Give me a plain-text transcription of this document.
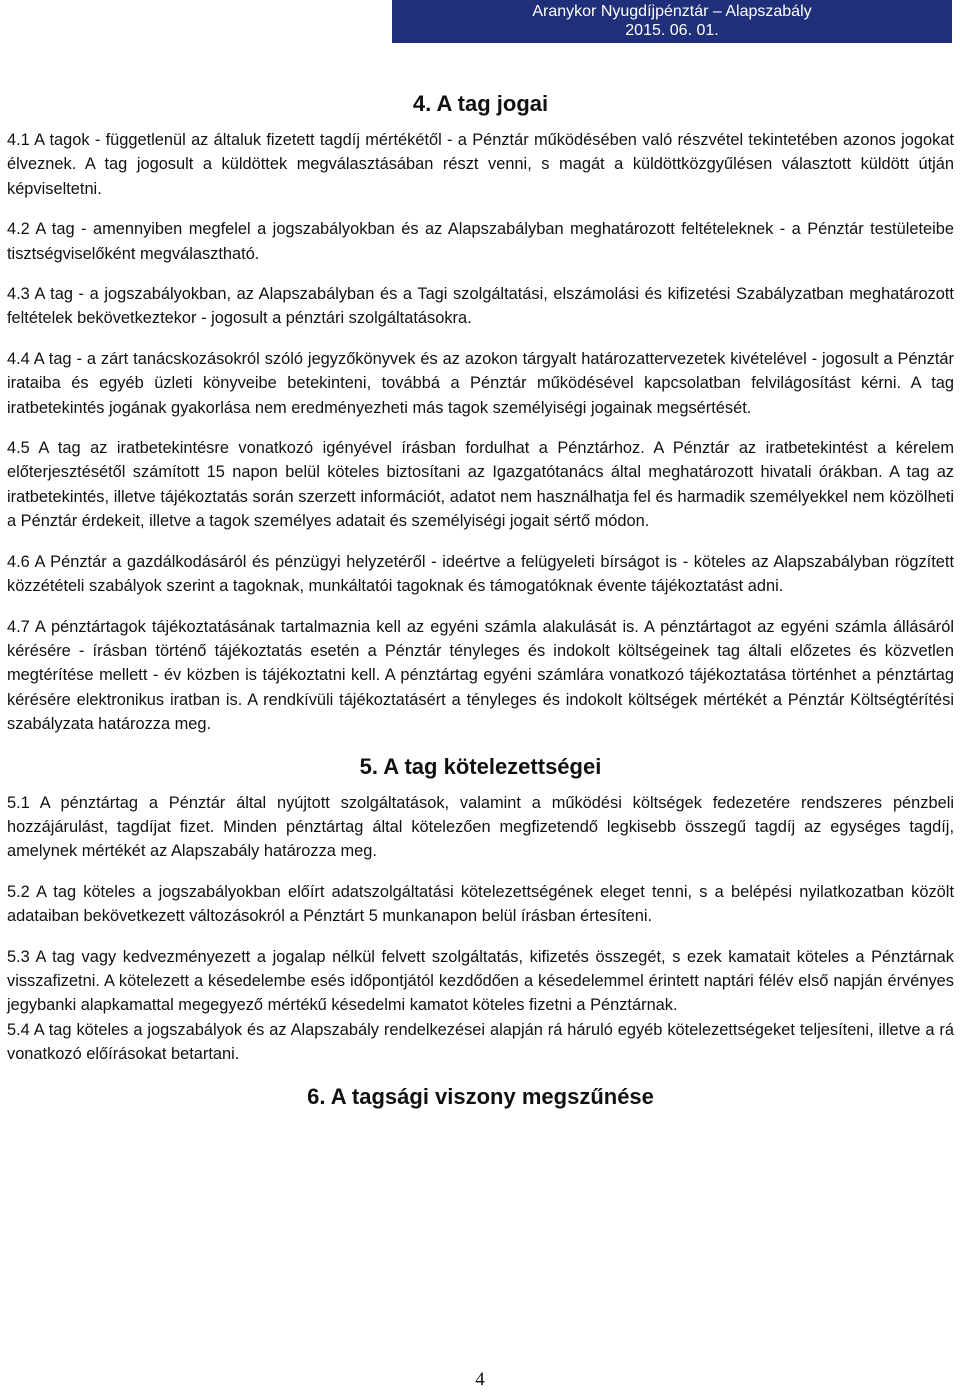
Aranykor Nyugdíjpénztár – Alapszabály
2015. 06. 01.
4. A tag jogai

4.1 A tagok - függetlenül az általuk fizetett tagdíj mértékétől - a Pénztár működésében való részvétel tekintetében azonos jogokat élveznek. A tag jogosult a küldöttek megválasztásában részt venni, s magát a küldöttközgyűlésen választott küldött útján képviseltetni.

4.2 A tag - amennyiben megfelel a jogszabályokban és az Alapszabályban meghatározott feltételeknek - a Pénztár testületeibe tisztségviselőként megválasztható.

4.3 A tag - a jogszabályokban, az Alapszabályban és a Tagi szolgáltatási, elszámolási és kifizetési Szabályzatban meghatározott feltételek bekövetkeztekor - jogosult a pénztári szolgáltatásokra.

4.4 A tag - a zárt tanácskozásokról szóló jegyzőkönyvek és az azokon tárgyalt határozattervezetek kivételével - jogosult a Pénztár irataiba és egyéb üzleti könyveibe betekinteni, továbbá a Pénztár működésével kapcsolatban felvilágosítást kérni. A tag iratbetekintés jogának gyakorlása nem eredményezheti más tagok személyiségi jogainak megsértését.

4.5 A tag az iratbetekintésre vonatkozó igényével írásban fordulhat a Pénztárhoz. A Pénztár az iratbetekintést a kérelem előterjesztésétől számított 15 napon belül köteles biztosítani az Igazgatótanács által meghatározott hivatali órákban. A tag az iratbetekintés, illetve tájékoztatás során szerzett információt, adatot nem használhatja fel és harmadik személyekkel nem közölheti a Pénztár érdekeit, illetve a tagok személyes adatait és személyiségi jogait sértő módon.

4.6 A Pénztár a gazdálkodásáról és pénzügyi helyzetéről - ideértve a felügyeleti bírságot is - köteles az Alapszabályban rögzített közzétételi szabályok szerint a tagoknak, munkáltatói tagoknak és támogatóknak évente tájékoztatást adni.

4.7 A pénztártagok tájékoztatásának tartalmaznia kell az egyéni számla alakulását is. A pénztártagot az egyéni számla állásáról kérésére - írásban történő tájékoztatás esetén a Pénztár tényleges és indokolt költségeinek tag általi előzetes és közvetlen megtérítése mellett - év közben is tájékoztatni kell. A pénztártag egyéni számlára vonatkozó tájékoztatása történhet a pénztártag kérésére elektronikus iratban is. A rendkívüli tájékoztatásért a tényleges és indokolt költségek mértékét a Pénztár Költségtérítési szabályzata határozza meg.

5. A tag kötelezettségei

5.1 A pénztártag a Pénztár által nyújtott szolgáltatások, valamint a működési költségek fedezetére rendszeres pénzbeli hozzájárulást, tagdíjat fizet. Minden pénztártag által kötelezően megfizetendő legkisebb összegű tagdíj az egységes tagdíj, amelynek mértékét az Alapszabály határozza meg.

5.2 A tag köteles a jogszabályokban előírt adatszolgáltatási kötelezettségének eleget tenni, s a belépési nyilatkozatban közölt adataiban bekövetkezett változásokról a Pénztárt 5 munkanapon belül írásban értesíteni.

5.3 A tag vagy kedvezményezett a jogalap nélkül felvett szolgáltatás, kifizetés összegét, s ezek kamatait köteles a Pénztárnak visszafizetni. A kötelezett a késedelembe esés időpontjától kezdődően a késedelemmel érintett naptári félév első napján érvényes jegybanki alapkamattal megegyező mértékű késedelmi kamatot köteles fizetni a Pénztárnak.

5.4 A tag köteles a jogszabályok és az Alapszabály rendelkezései alapján rá háruló egyéb kötelezettségeket teljesíteni, illetve a rá vonatkozó előírásokat betartani.

6. A tagsági viszony megszűnése
4
